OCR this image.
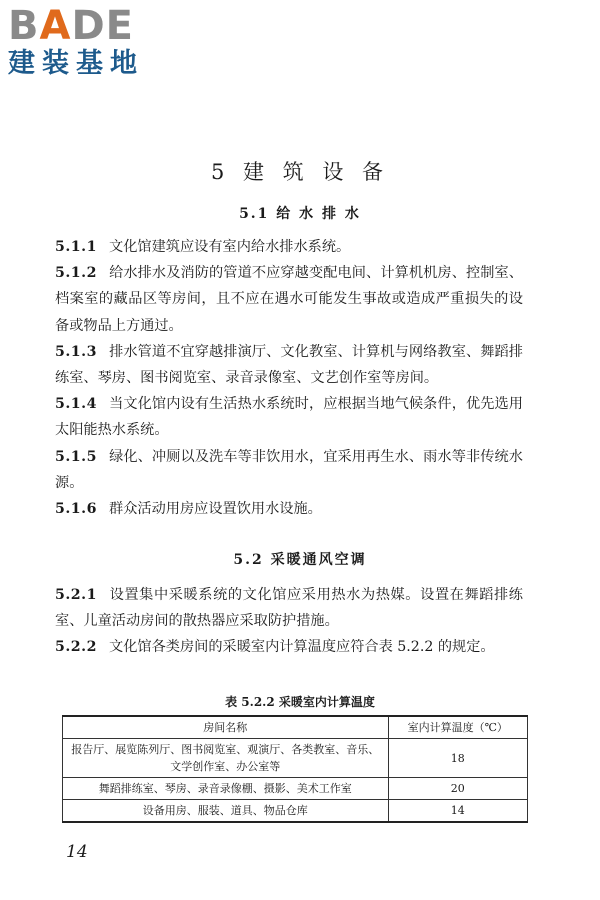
BADE
建装基地
5 建 筑 设 备
5.1 给 水 排 水

5.1.1 文化馆建筑应设有室内给水排水系统。

5.1.2 给水排水及消防的管道不应穿越变配电间、计算机机房、控制室、档案室的藏品区等房间，且不应在遇水可能发生事故或造成严重损失的设备或物品上方通过。

5.1.3 排水管道不宜穿越排演厅、文化教室、计算机与网络教室、舞蹈排练室、琴房、图书阅览室、录音录像室、文艺创作室等房间。

5.1.4 当文化馆内设有生活热水系统时，应根据当地气候条件，优先选用太阳能热水系统。

5.1.5 绿化、冲厕以及洗车等非饮用水，宜采用再生水、雨水等非传统水源。

5.1.6 群众活动用房应设置饮用水设施。

5.2 采暖通风空调

5.2.1 设置集中采暖系统的文化馆应采用热水为热媒。设置在舞蹈排练室、儿童活动房间的散热器应采取防护措施。

5.2.2 文化馆各类房间的采暖室内计算温度应符合表 5.2.2 的规定。

表 5.2.2 采暖室内计算温度
房间名称	室内计算温度（℃）
报告厅、展览陈列厅、图书阅览室、观演厅、各类教室、音乐、文学创作室、办公室等	18
舞蹈排练室、琴房、录音录像棚、摄影、美术工作室	20
设备用房、服装、道具、物品仓库	14
14
